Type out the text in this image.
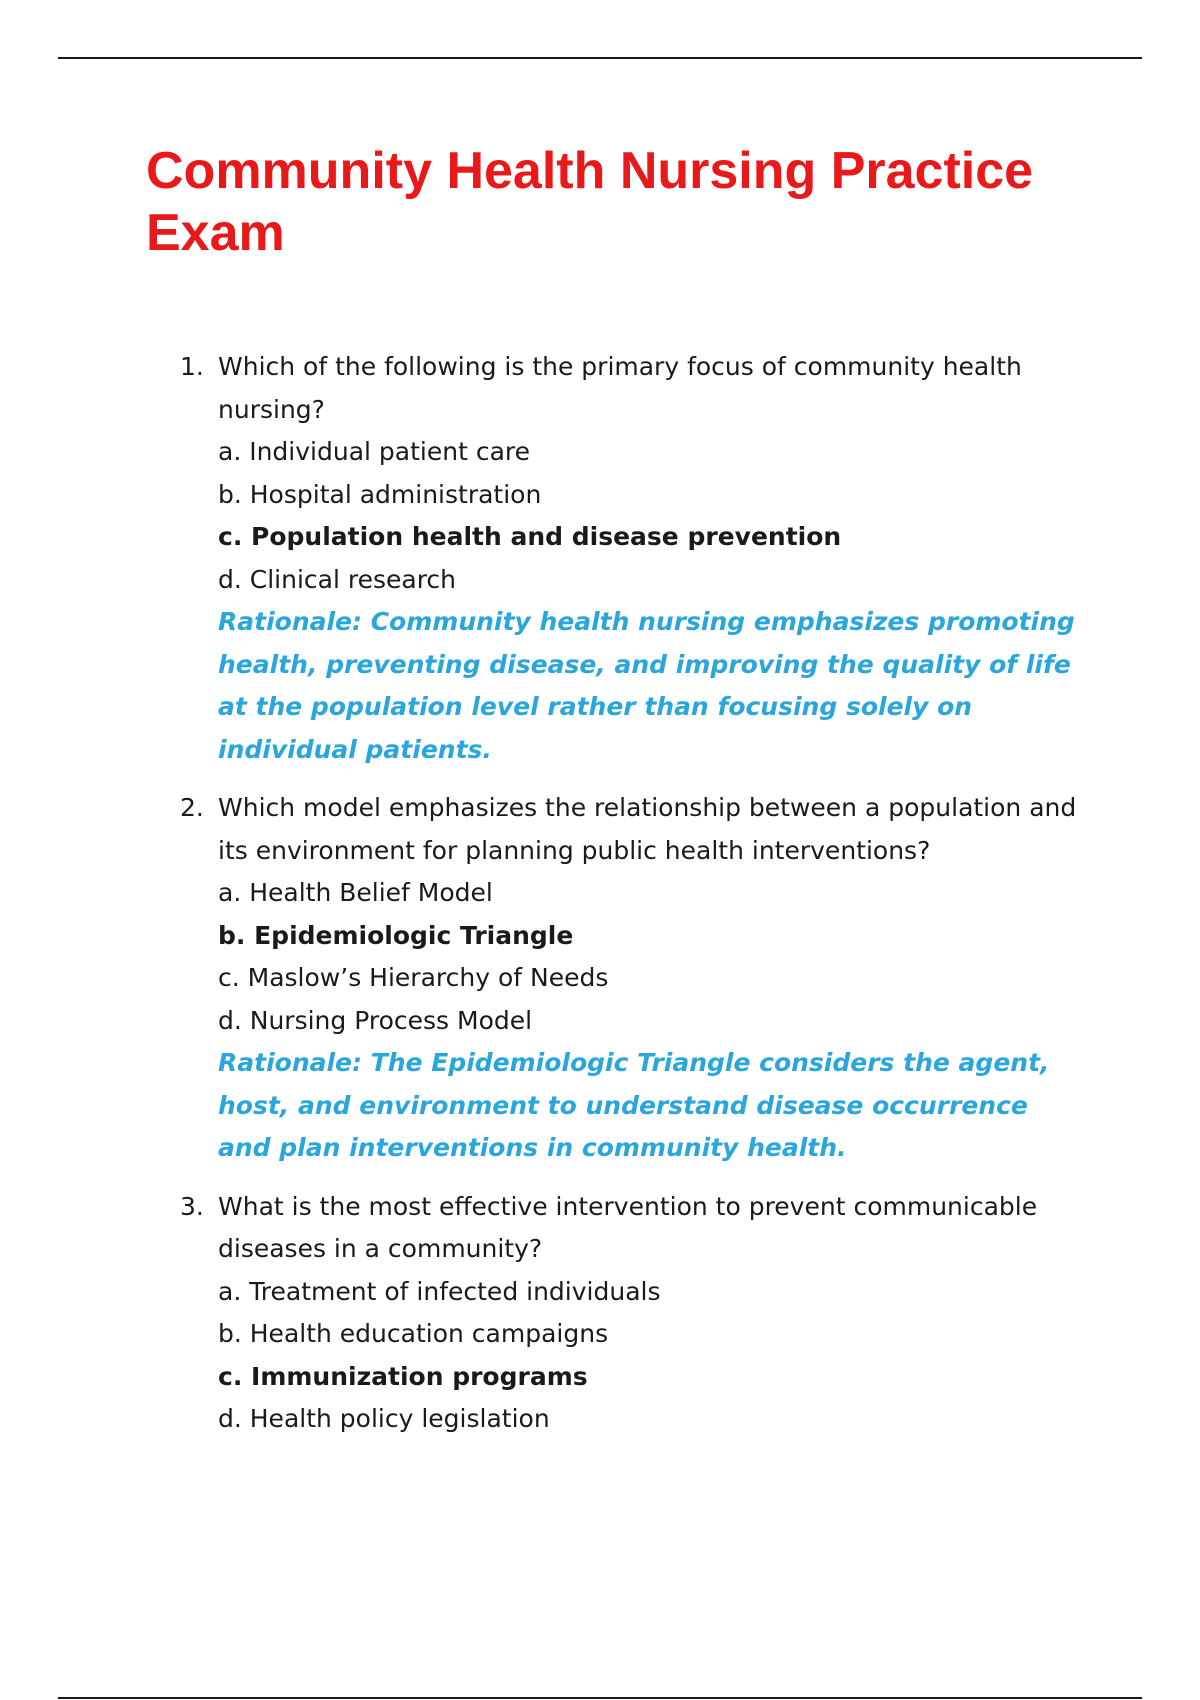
Community Health Nursing Practice Exam
1. Which of the following is the primary focus of community health nursing?
a. Individual patient care
b. Hospital administration
c. Population health and disease prevention
d. Clinical research
Rationale: Community health nursing emphasizes promoting health, preventing disease, and improving the quality of life at the population level rather than focusing solely on individual patients.
2. Which model emphasizes the relationship between a population and its environment for planning public health interventions?
a. Health Belief Model
b. Epidemiologic Triangle
c. Maslow’s Hierarchy of Needs
d. Nursing Process Model
Rationale: The Epidemiologic Triangle considers the agent, host, and environment to understand disease occurrence and plan interventions in community health.
3. What is the most effective intervention to prevent communicable diseases in a community?
a. Treatment of infected individuals
b. Health education campaigns
c. Immunization programs
d. Health policy legislation
